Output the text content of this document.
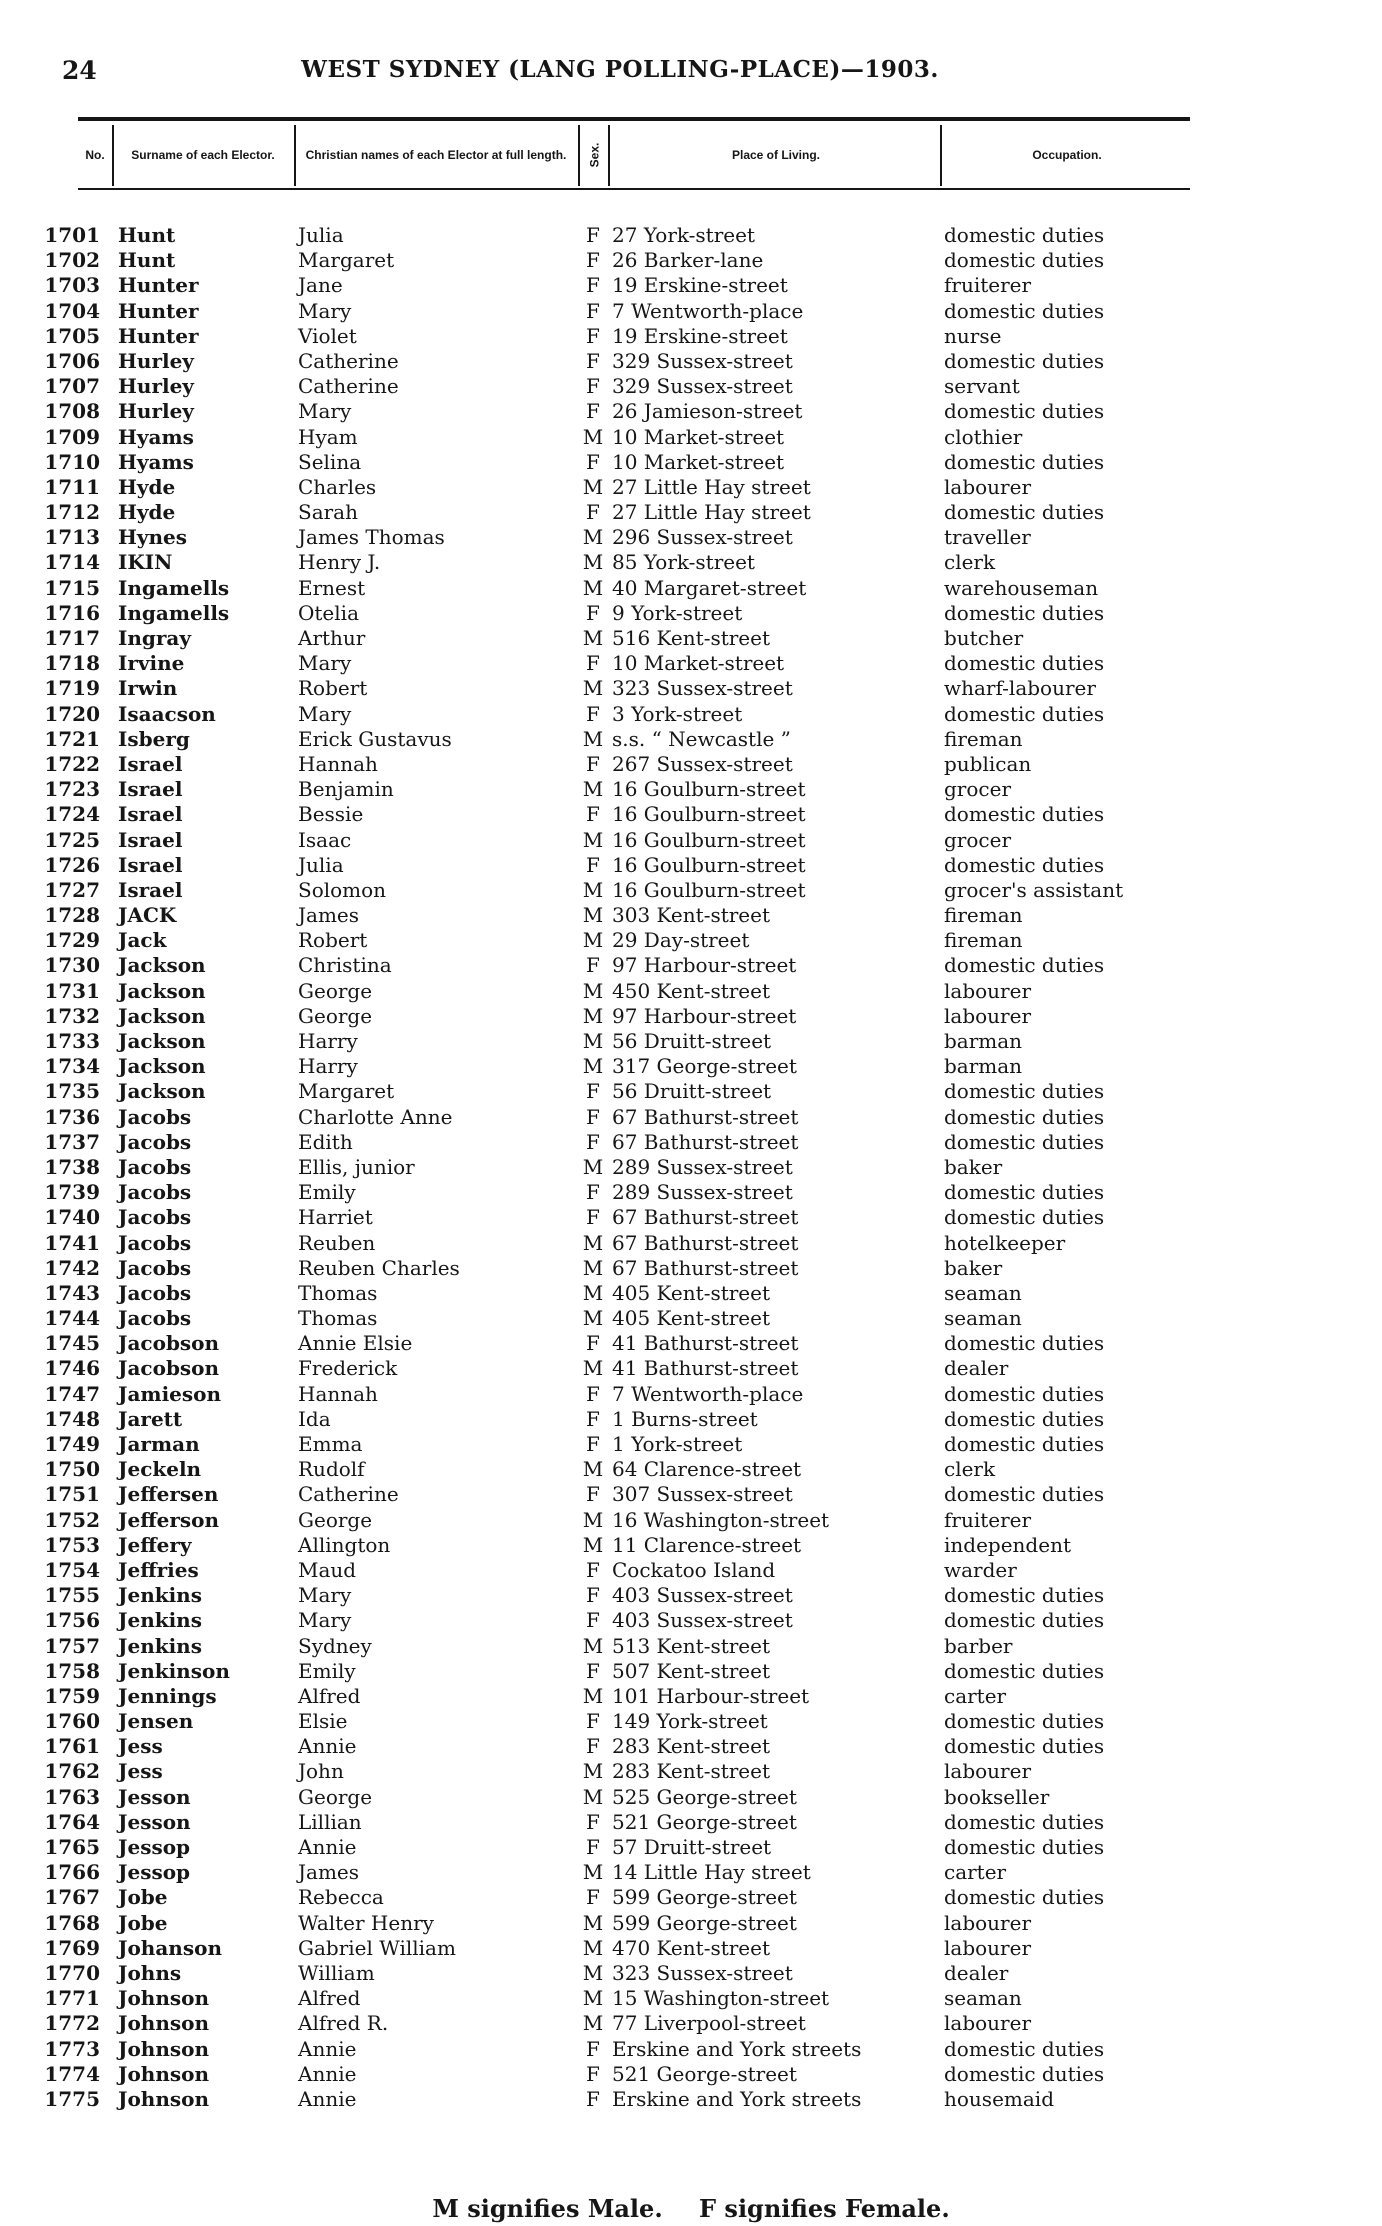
24	WEST SYDNEY (LANG POLLING-PLACE)—1903.
No.	Surname of each Elector.	Christian names of each Elector at full length.	Sex.	Place of Living.	Occupation.
1701 Hunt	Julia	F 27 York-street	domestic duties
1702 Hunt	Margaret	F 26 Barker-lane	domestic duties
1703 Hunter	Jane	F 19 Erskine-street	fruiterer
1704 Hunter	Mary	F 7 Wentworth-place	domestic duties
1705 Hunter	Violet	F 19 Erskine-street	nurse
1706 Hurley	Catherine	F 329 Sussex-street	domestic duties
1707 Hurley	Catherine	F 329 Sussex-street	servant
1708 Hurley	Mary	F 26 Jamieson-street	domestic duties
1709 Hyams	Hyam	M 10 Market-street	clothier
1710 Hyams	Selina	F 10 Market-street	domestic duties
1711 Hyde	Charles	M 27 Little Hay street	labourer
1712 Hyde	Sarah	F 27 Little Hay street	domestic duties
1713 Hynes	James Thomas	M 296 Sussex-street	traveller
1714 IKIN	Henry J.	M 85 York-street	clerk
1715 Ingamells	Ernest	M 40 Margaret-street	warehouseman
1716 Ingamells	Otelia	F 9 York-street	domestic duties
1717 Ingray	Arthur	M 516 Kent-street	butcher
1718 Irvine	Mary	F 10 Market-street	domestic duties
1719 Irwin	Robert	M 323 Sussex-street	wharf-labourer
1720 Isaacson	Mary	F 3 York-street	domestic duties
1721 Isberg	Erick Gustavus	M s.s. “ Newcastle ”	fireman
1722 Israel	Hannah	F 267 Sussex-street	publican
1723 Israel	Benjamin	M 16 Goulburn-street	grocer
1724 Israel	Bessie	F 16 Goulburn-street	domestic duties
1725 Israel	Isaac	M 16 Goulburn-street	grocer
1726 Israel	Julia	F 16 Goulburn-street	domestic duties
1727 Israel	Solomon	M 16 Goulburn-street	grocer's assistant
1728 JACK	James	M 303 Kent-street	fireman
1729 Jack	Robert	M 29 Day-street	fireman
1730 Jackson	Christina	F 97 Harbour-street	domestic duties
1731 Jackson	George	M 450 Kent-street	labourer
1732 Jackson	George	M 97 Harbour-street	labourer
1733 Jackson	Harry	M 56 Druitt-street	barman
1734 Jackson	Harry	M 317 George-street	barman
1735 Jackson	Margaret	F 56 Druitt-street	domestic duties
1736 Jacobs	Charlotte Anne	F 67 Bathurst-street	domestic duties
1737 Jacobs	Edith	F 67 Bathurst-street	domestic duties
1738 Jacobs	Ellis, junior	M 289 Sussex-street	baker
1739 Jacobs	Emily	F 289 Sussex-street	domestic duties
1740 Jacobs	Harriet	F 67 Bathurst-street	domestic duties
1741 Jacobs	Reuben	M 67 Bathurst-street	hotelkeeper
1742 Jacobs	Reuben Charles	M 67 Bathurst-street	baker
1743 Jacobs	Thomas	M 405 Kent-street	seaman
1744 Jacobs	Thomas	M 405 Kent-street	seaman
1745 Jacobson	Annie Elsie	F 41 Bathurst-street	domestic duties
1746 Jacobson	Frederick	M 41 Bathurst-street	dealer
1747 Jamieson	Hannah	F 7 Wentworth-place	domestic duties
1748 Jarett	Ida	F 1 Burns-street	domestic duties
1749 Jarman	Emma	F 1 York-street	domestic duties
1750 Jeckeln	Rudolf	M 64 Clarence-street	clerk
1751 Jeffersen	Catherine	F 307 Sussex-street	domestic duties
1752 Jefferson	George	M 16 Washington-street	fruiterer
1753 Jeffery	Allington	M 11 Clarence-street	independent
1754 Jeffries	Maud	F Cockatoo Island	warder
1755 Jenkins	Mary	F 403 Sussex-street	domestic duties
1756 Jenkins	Mary	F 403 Sussex-street	domestic duties
1757 Jenkins	Sydney	M 513 Kent-street	barber
1758 Jenkinson	Emily	F 507 Kent-street	domestic duties
1759 Jennings	Alfred	M 101 Harbour-street	carter
1760 Jensen	Elsie	F 149 York-street	domestic duties
1761 Jess	Annie	F 283 Kent-street	domestic duties
1762 Jess	John	M 283 Kent-street	labourer
1763 Jesson	George	M 525 George-street	bookseller
1764 Jesson	Lillian	F 521 George-street	domestic duties
1765 Jessop	Annie	F 57 Druitt-street	domestic duties
1766 Jessop	James	M 14 Little Hay street	carter
1767 Jobe	Rebecca	F 599 George-street	domestic duties
1768 Jobe	Walter Henry	M 599 George-street	labourer
1769 Johanson	Gabriel William	M 470 Kent-street	labourer
1770 Johns	William	M 323 Sussex-street	dealer
1771 Johnson	Alfred	M 15 Washington-street	seaman
1772 Johnson	Alfred R.	M 77 Liverpool-street	labourer
1773 Johnson	Annie	F Erskine and York streets	domestic duties
1774 Johnson	Annie	F 521 George-street	domestic duties
1775 Johnson	Annie	F Erskine and York streets	housemaid
M signifies Male. F signifies Female.
